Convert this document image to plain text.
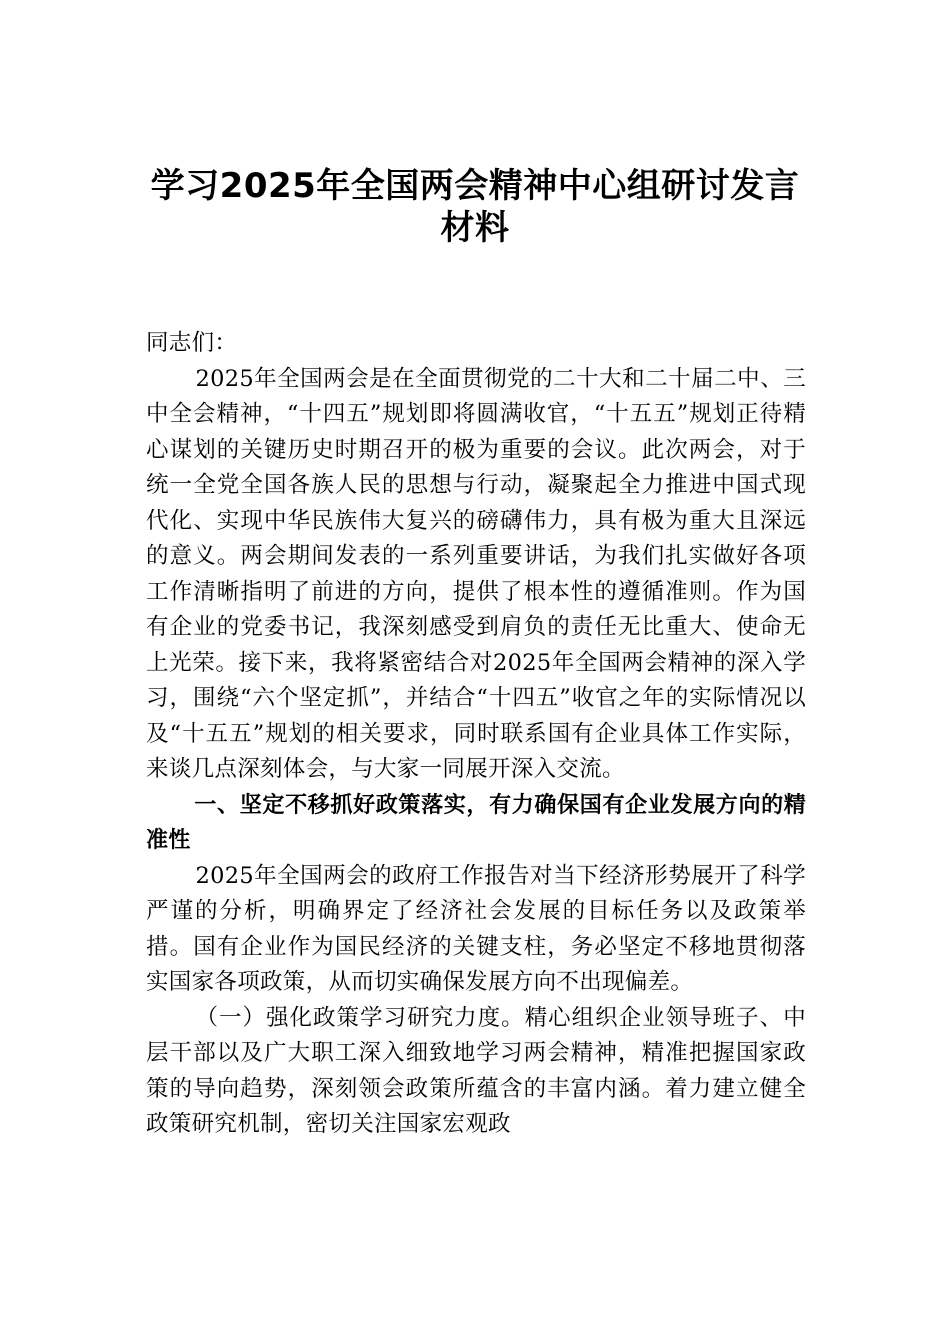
学习2025年全国两会精神中心组研讨发言
材料

同志们：

2025年全国两会是在全面贯彻党的二十大和二十届二中、三中全会精神，“十四五”规划即将圆满收官，“十五五”规划正待精心谋划的关键历史时期召开的极为重要的会议。此次两会，对于统一全党全国各族人民的思想与行动，凝聚起全力推进中国式现代化、实现中华民族伟大复兴的磅礴伟力，具有极为重大且深远的意义。两会期间发表的一系列重要讲话，为我们扎实做好各项工作清晰指明了前进的方向，提供了根本性的遵循准则。作为国有企业的党委书记，我深刻感受到肩负的责任无比重大、使命无上光荣。接下来，我将紧密结合对2025年全国两会精神的深入学习，围绕“六个坚定抓”，并结合“十四五”收官之年的实际情况以及“十五五”规划的相关要求，同时联系国有企业具体工作实际，来谈几点深刻体会，与大家一同展开深入交流。

一、坚定不移抓好政策落实，有力确保国有企业发展方向的精准性

2025年全国两会的政府工作报告对当下经济形势展开了科学严谨的分析，明确界定了经济社会发展的目标任务以及政策举措。国有企业作为国民经济的关键支柱，务必坚定不移地贯彻落实国家各项政策，从而切实确保发展方向不出现偏差。

（一）强化政策学习研究力度。精心组织企业领导班子、中层干部以及广大职工深入细致地学习两会精神，精准把握国家政策的导向趋势，深刻领会政策所蕴含的丰富内涵。着力建立健全政策研究机制，密切关注国家宏观政
